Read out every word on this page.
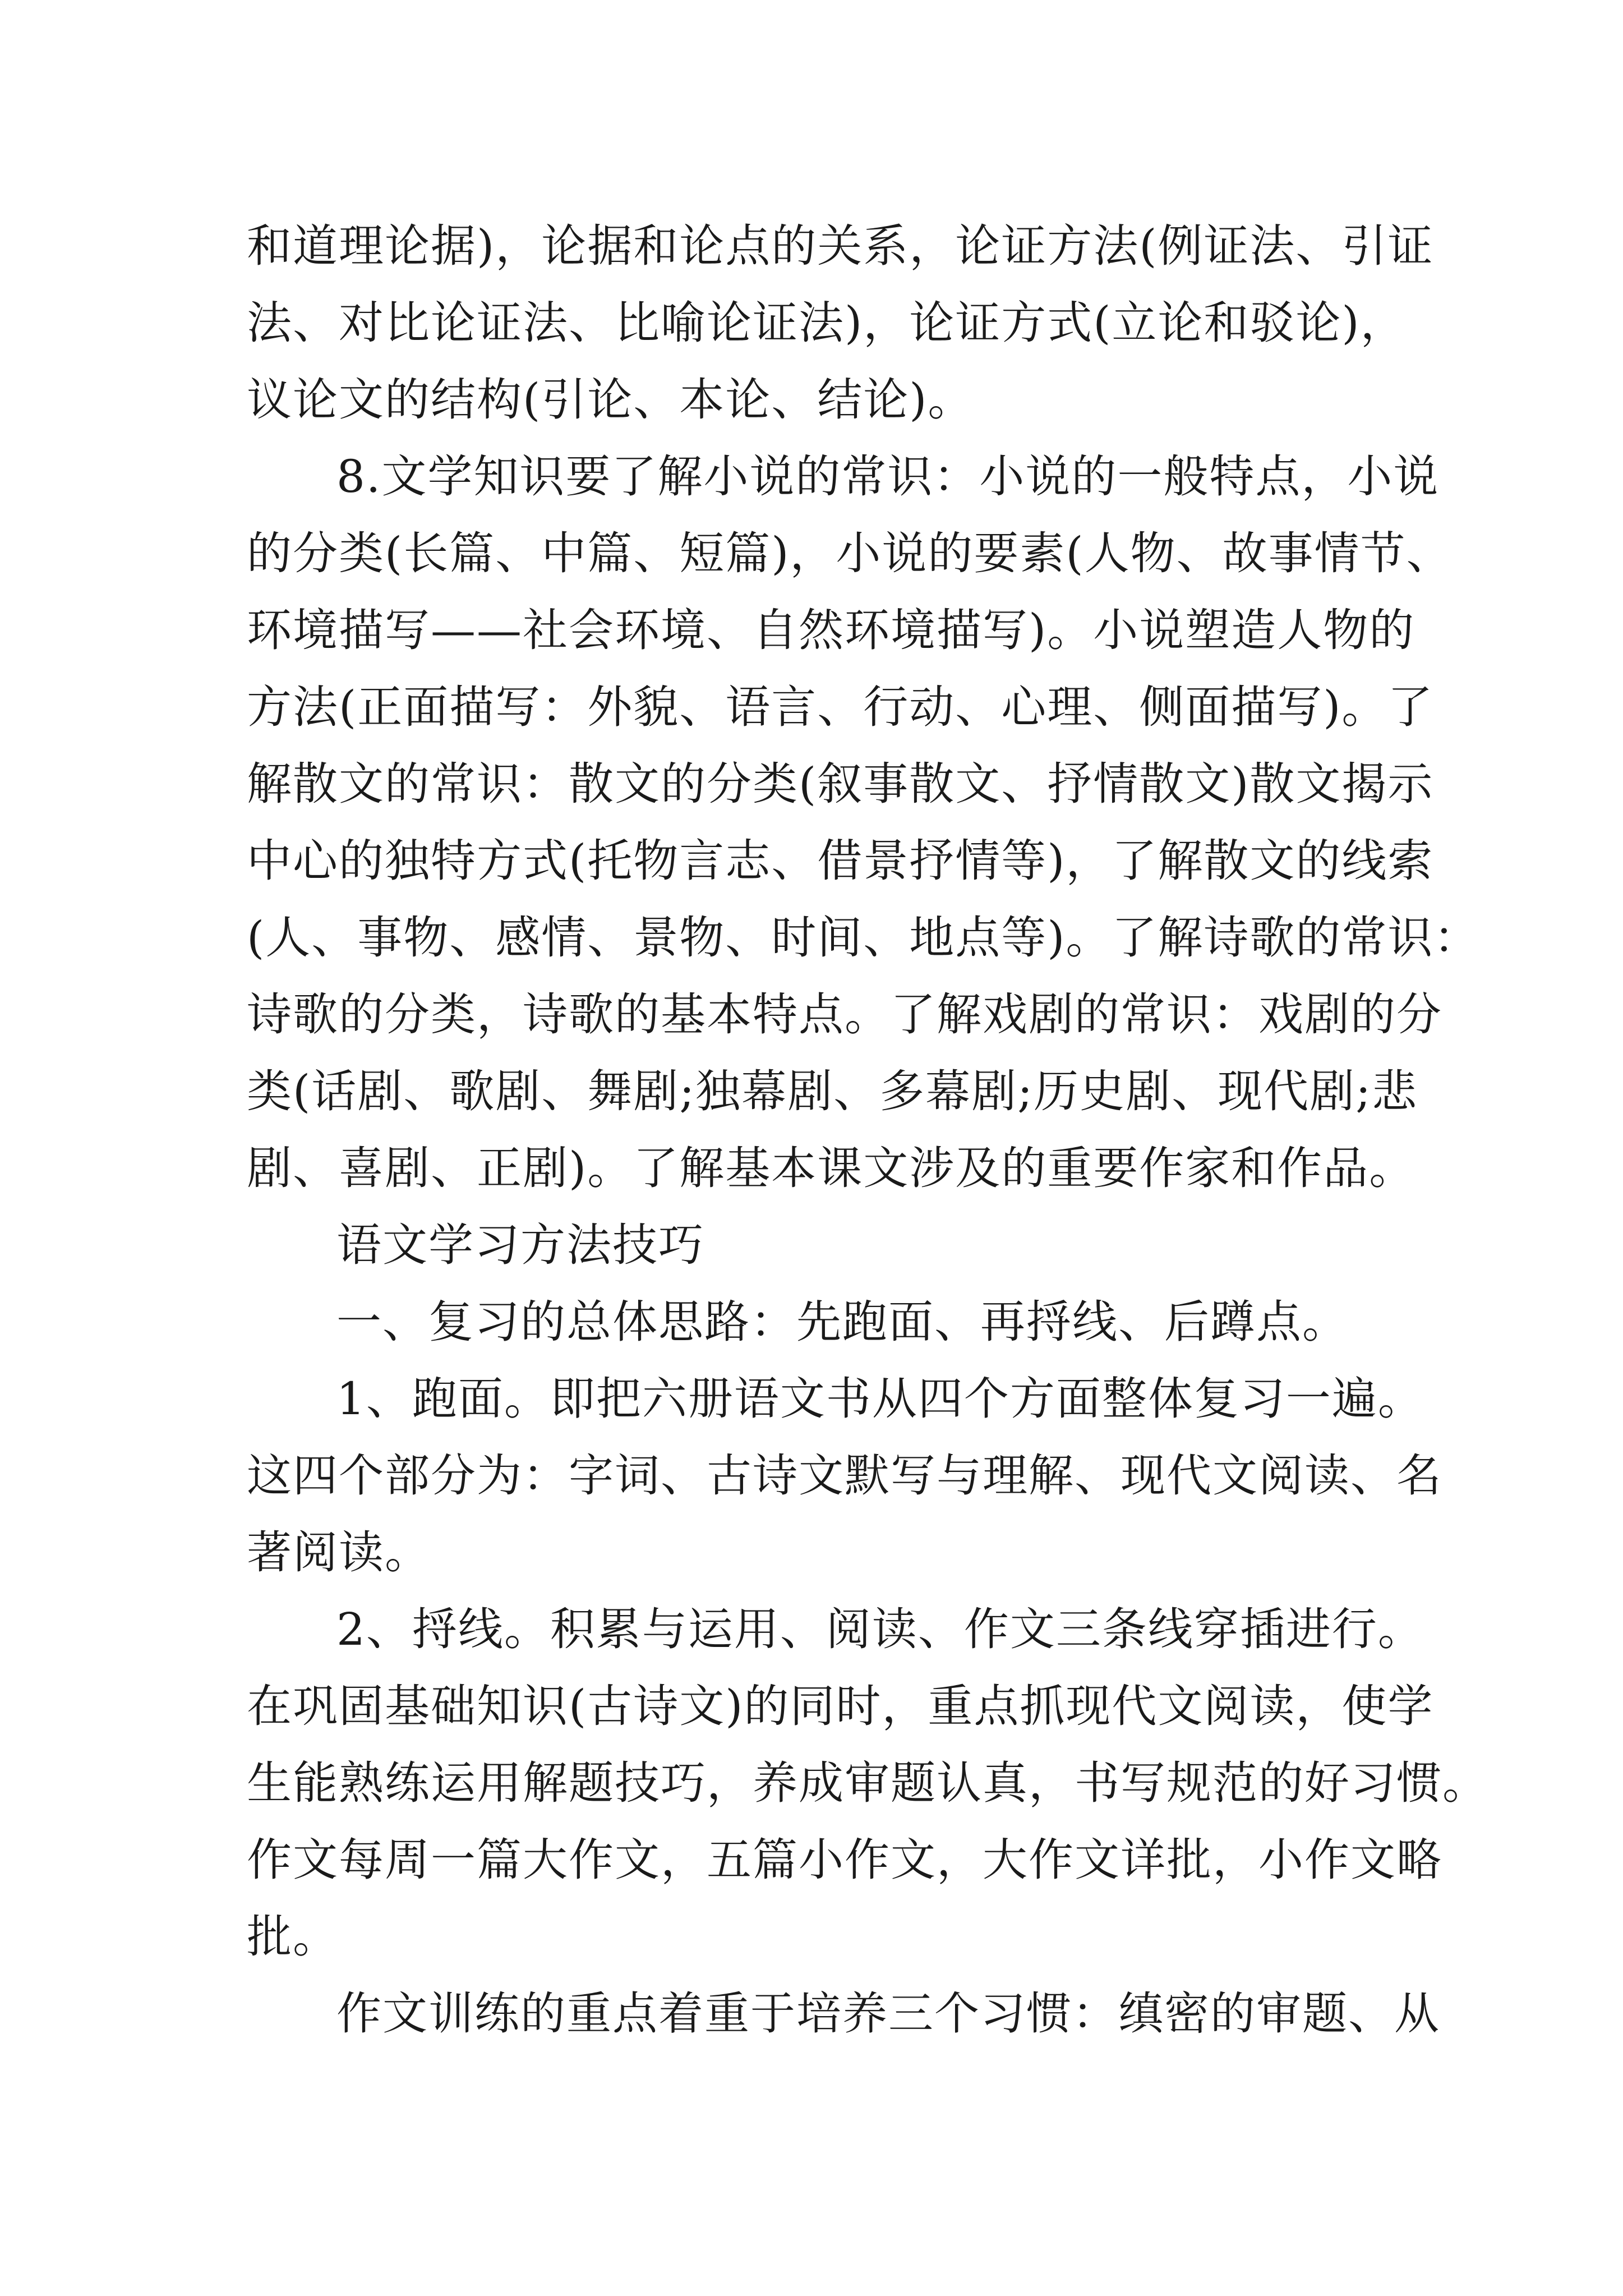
和道理论据)，论据和论点的关系，论证方法(例证法、引证
法、对比论证法、比喻论证法)，论证方式(立论和驳论)，
议论文的结构(引论、本论、结论)。

8.文学知识要了解小说的常识：小说的一般特点，小说
的分类(长篇、中篇、短篇)，小说的要素(人物、故事情节、
环境描写——社会环境、自然环境描写)。小说塑造人物的
方法(正面描写：外貌、语言、行动、心理、侧面描写)。了
解散文的常识：散文的分类(叙事散文、抒情散文)散文揭示
中心的独特方式(托物言志、借景抒情等)，了解散文的线索
(人、事物、感情、景物、时间、地点等)。了解诗歌的常识：
诗歌的分类，诗歌的基本特点。了解戏剧的常识：戏剧的分
类(话剧、歌剧、舞剧;独幕剧、多幕剧;历史剧、现代剧;悲
剧、喜剧、正剧)。了解基本课文涉及的重要作家和作品。

语文学习方法技巧

一、复习的总体思路：先跑面、再捋线、后蹲点。

1、跑面。即把六册语文书从四个方面整体复习一遍。
这四个部分为：字词、古诗文默写与理解、现代文阅读、名
著阅读。

2、捋线。积累与运用、阅读、作文三条线穿插进行。
在巩固基础知识(古诗文)的同时，重点抓现代文阅读，使学
生能熟练运用解题技巧，养成审题认真，书写规范的好习惯。
作文每周一篇大作文，五篇小作文，大作文详批，小作文略
批。

作文训练的重点着重于培养三个习惯：缜密的审题、从
